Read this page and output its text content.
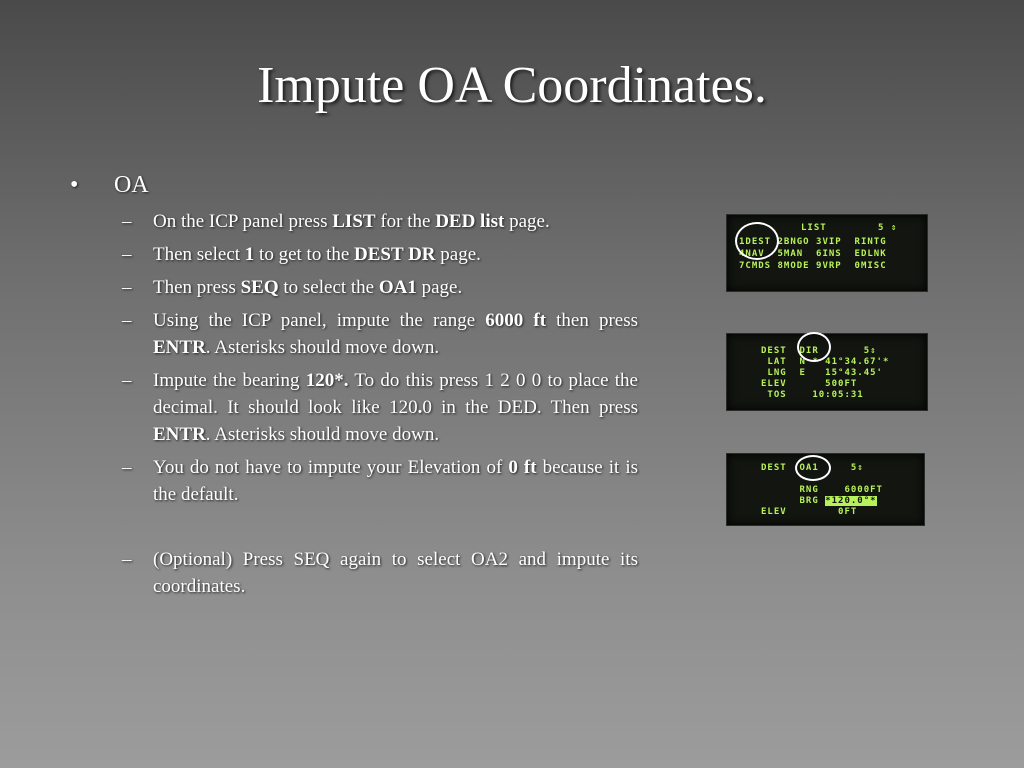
Impute OA Coordinates.
• OA
–	On the ICP panel press LIST for the DED list page.
–	Then select 1 to get to the DEST DR page.
–	Then press SEQ to select the OA1 page.
–	Using the ICP panel, impute the range 6000 ft then press ENTR. Asterisks should move down.
–	Impute the bearing 120*. To do this press 1 2 0 0 to place the decimal. It should look like 120.0 in the DED. Then press ENTR. Asterisks should move down.
–	You do not have to impute your Elevation of 0 ft because it is the default.
–	(Optional) Press SEQ again to select OA2 and impute its coordinates.
LIST        5 ⇕
1DEST 2BNGO 3VIP  RINTG
4NAV  5MAN  6INS  EDLNK
7CMDS 8MODE 9VRP  0MISC
DEST  DIR       5⇕
LAT  N * 41°34.67'*
LNG  E   15°43.45'
ELEV      500FT
TOS    10:05:31
DEST  OA1     5⇕
RNG    6000FT
BRG *120.0°*
ELEV        0FT
